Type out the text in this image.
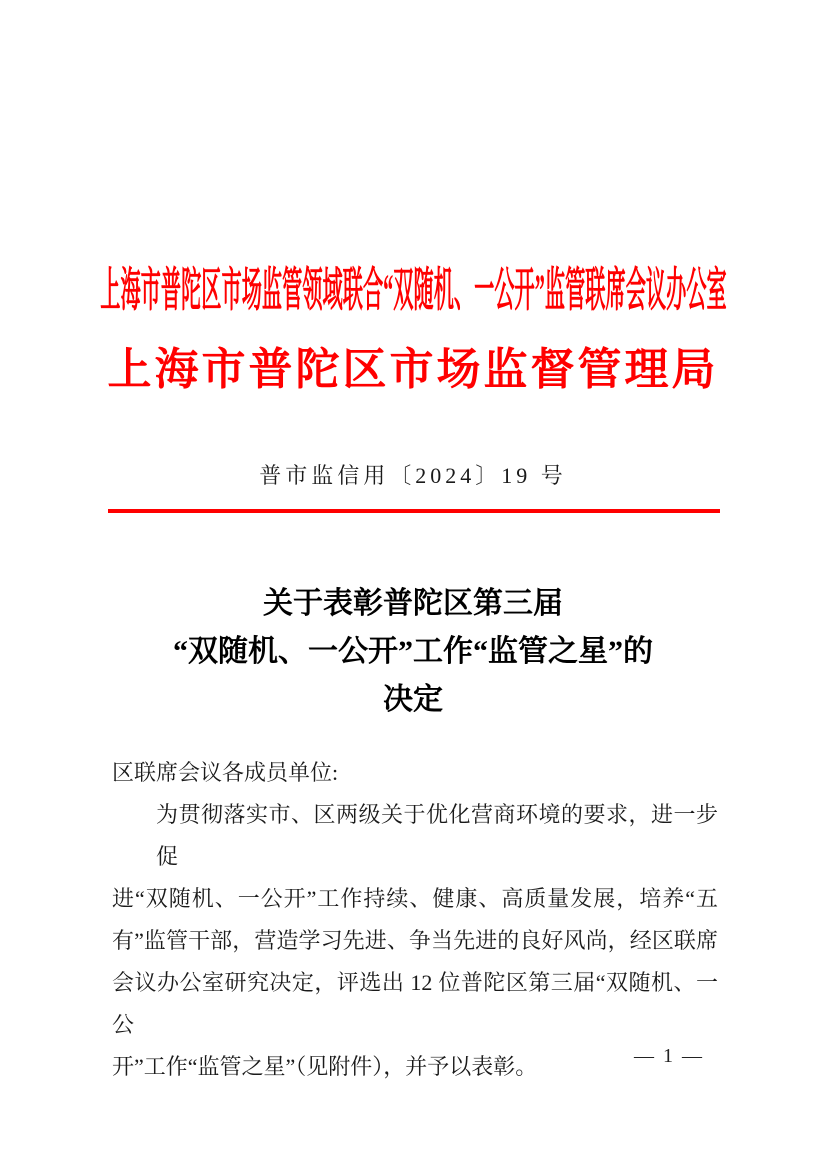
上海市普陀区市场监管领域联合“双随机、一公开”监管联席会议办公室
上海市普陀区市场监督管理局
普市监信用〔2024〕19 号
关于表彰普陀区第三届
“双随机、一公开”工作“监管之星”的
决定
区联席会议各成员单位:
为贯彻落实市、区两级关于优化营商环境的要求，进一步促
进“双随机、一公开”工作持续、健康、高质量发展，培养“五
有”监管干部，营造学习先进、争当先进的良好风尚，经区联席
会议办公室研究决定，评选出 12 位普陀区第三届“双随机、一公
开”工作“监管之星”（见附件），并予以表彰。	— 1 —
